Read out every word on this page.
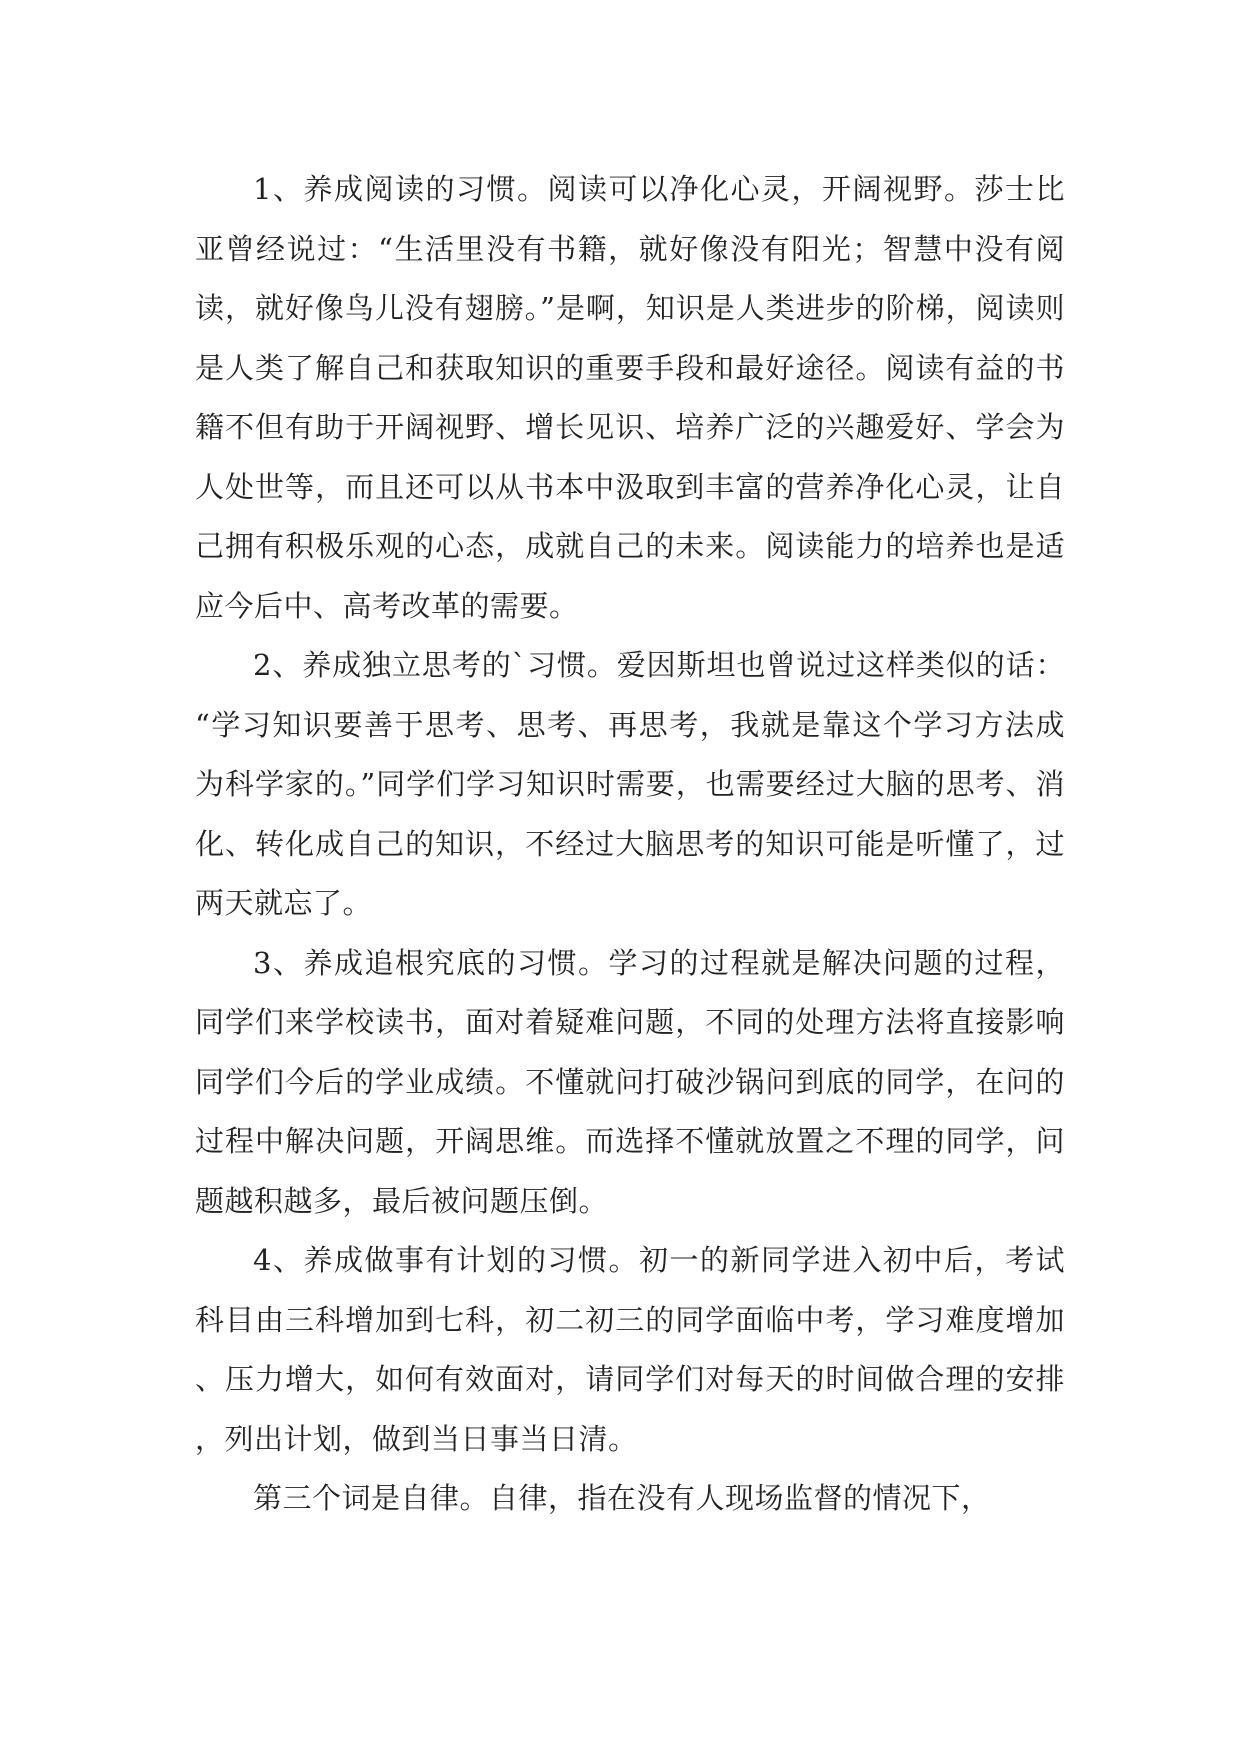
1、养成阅读的习惯。阅读可以净化心灵，开阔视野。莎士比亚曾经说过：“生活里没有书籍，就好像没有阳光；智慧中没有阅读，就好像鸟儿没有翅膀。”是啊，知识是人类进步的阶梯，阅读则是人类了解自己和获取知识的重要手段和最好途径。阅读有益的书籍不但有助于开阔视野、增长见识、培养广泛的兴趣爱好、学会为人处世等，而且还可以从书本中汲取到丰富的营养净化心灵，让自己拥有积极乐观的心态，成就自己的未来。阅读能力的培养也是适应今后中、高考改革的需要。

2、养成独立思考的`习惯。爱因斯坦也曾说过这样类似的话：“学习知识要善于思考、思考、再思考，我就是靠这个学习方法成为科学家的。”同学们学习知识时需要，也需要经过大脑的思考、消化、转化成自己的知识，不经过大脑思考的知识可能是听懂了，过两天就忘了。

3、养成追根究底的习惯。学习的过程就是解决问题的过程，同学们来学校读书，面对着疑难问题，不同的处理方法将直接影响同学们今后的学业成绩。不懂就问打破沙锅问到底的同学，在问的过程中解决问题，开阔思维。而选择不懂就放置之不理的同学，问题越积越多，最后被问题压倒。

4、养成做事有计划的习惯。初一的新同学进入初中后，考试科目由三科增加到七科，初二初三的同学面临中考，学习难度增加、压力增大，如何有效面对，请同学们对每天的时间做合理的安排，列出计划，做到当日事当日清。

第三个词是自律。自律，指在没有人现场监督的情况下，
